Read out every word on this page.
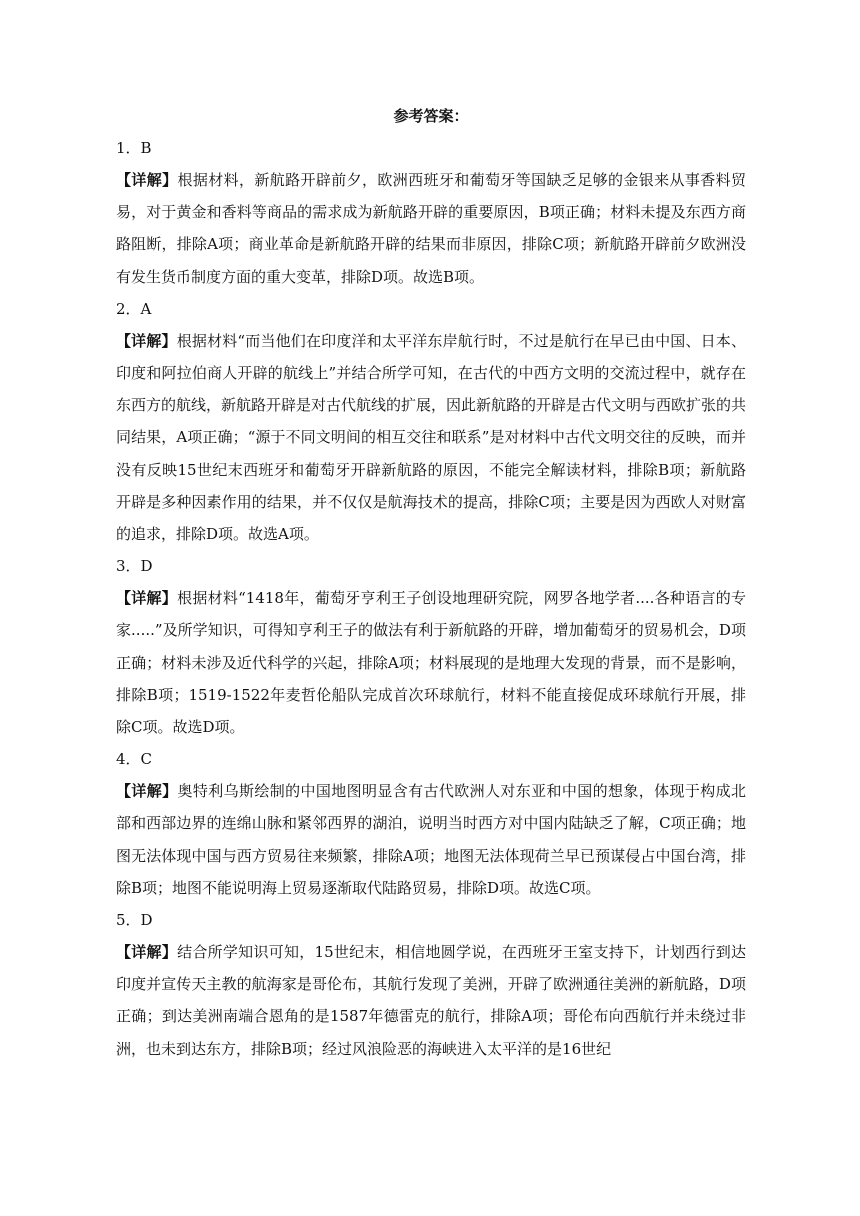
参考答案：
1．B
【详解】根据材料，新航路开辟前夕，欧洲西班牙和葡萄牙等国缺乏足够的金银来从事香料贸易，对于黄金和香料等商品的需求成为新航路开辟的重要原因，B项正确；材料未提及东西方商路阻断，排除A项；商业革命是新航路开辟的结果而非原因，排除C项；新航路开辟前夕欧洲没有发生货币制度方面的重大变革，排除D项。故选B项。
2．A
【详解】根据材料“而当他们在印度洋和太平洋东岸航行时，不过是航行在早已由中国、日本、印度和阿拉伯商人开辟的航线上”并结合所学可知，在古代的中西方文明的交流过程中，就存在东西方的航线，新航路开辟是对古代航线的扩展，因此新航路的开辟是古代文明与西欧扩张的共同结果，A项正确；“源于不同文明间的相互交往和联系”是对材料中古代文明交往的反映，而并没有反映15世纪末西班牙和葡萄牙开辟新航路的原因，不能完全解读材料，排除B项；新航路开辟是多种因素作用的结果，并不仅仅是航海技术的提高，排除C项；主要是因为西欧人对财富的追求，排除D项。故选A项。
3．D
【详解】根据材料“1418年，葡萄牙亨利王子创设地理研究院，网罗各地学者....各种语言的专家.....”及所学知识，可得知亨利王子的做法有利于新航路的开辟，增加葡萄牙的贸易机会，D项正确；材料未涉及近代科学的兴起，排除A项；材料展现的是地理大发现的背景，而不是影响，排除B项；1519-1522年麦哲伦船队完成首次环球航行，材料不能直接促成环球航行开展，排除C项。故选D项。
4．C
【详解】奥特利乌斯绘制的中国地图明显含有古代欧洲人对东亚和中国的想象，体现于构成北部和西部边界的连绵山脉和紧邻西界的湖泊，说明当时西方对中国内陆缺乏了解，C项正确；地图无法体现中国与西方贸易往来频繁，排除A项；地图无法体现荷兰早已预谋侵占中国台湾，排除B项；地图不能说明海上贸易逐渐取代陆路贸易，排除D项。故选C项。
5．D
【详解】结合所学知识可知，15世纪末，相信地圆学说，在西班牙王室支持下，计划西行到达印度并宣传天主教的航海家是哥伦布，其航行发现了美洲，开辟了欧洲通往美洲的新航路，D项正确；到达美洲南端合恩角的是1587年德雷克的航行，排除A项；哥伦布向西航行并未绕过非洲，也未到达东方，排除B项；经过风浪险恶的海峡进入太平洋的是16世纪
